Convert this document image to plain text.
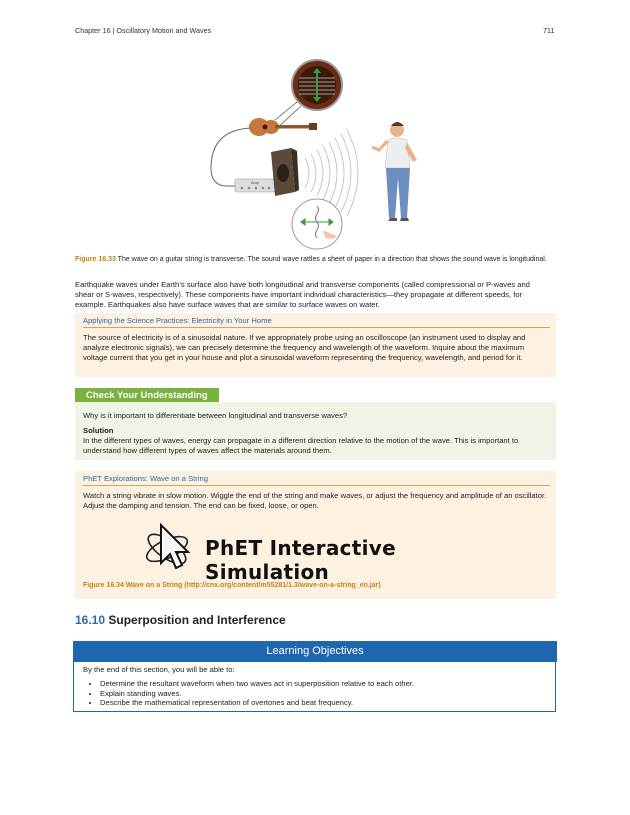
Chapter 16 | Oscillatory Motion and Waves	711
Amp
Figure 16.33 The wave on a guitar string is transverse. The sound wave rattles a sheet of paper in a direction that shows the sound wave is longitudinal.
Earthquake waves under Earth’s surface also have both longitudinal and transverse components (called compressional or P-waves and shear or S-waves, respectively). These components have important individual characteristics—they propagate at different speeds, for example. Earthquakes also have surface waves that are similar to surface waves on water.
Applying the Science Practices: Electricity in Your Home
The source of electricity is of a sinusoidal nature. If we appropriately probe using an oscilloscope (an instrument used to display and analyze electronic signals), we can precisely determine the frequency and wavelength of the waveform. Inquire about the maximum voltage current that you get in your house and plot a sinusoidal waveform representing the frequency, wavelength, and period for it.
Check Your Understanding
Why is it important to differentiate between longitudinal and transverse waves?
Solution
In the different types of waves, energy can propagate in a different direction relative to the motion of the wave. This is important to understand how different types of waves affect the materials around them.
PhET Explorations: Wave on a String
Watch a string vibrate in slow motion. Wiggle the end of the string and make waves, or adjust the frequency and amplitude of an oscillator. Adjust the damping and tension. The end can be fixed, loose, or open.
PhET Interactive Simulation
Figure 16.34 Wave on a String (http://cnx.org/content/m55281/1.3/wave-on-a-string_en.jar)
16.10 Superposition and Interference
Learning Objectives
By the end of this section, you will be able to:
• Determine the resultant waveform when two waves act in superposition relative to each other.
• Explain standing waves.
• Describe the mathematical representation of overtones and beat frequency.
